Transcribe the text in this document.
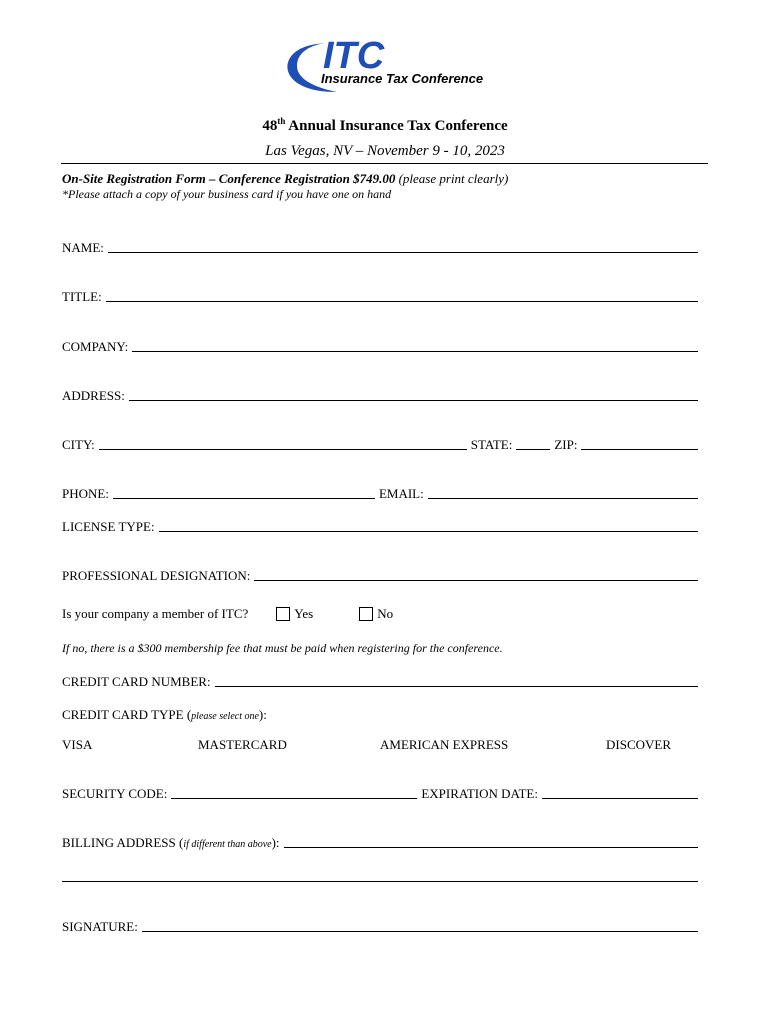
ITC
Insurance Tax Conference
48th Annual Insurance Tax Conference
Las Vegas, NV – November 9 - 10, 2023
On-Site Registration Form – Conference Registration $749.00 (please print clearly)
*Please attach a copy of your business card if you have one on hand
NAME:
TITLE:
COMPANY:
ADDRESS:
CITY:	STATE:	ZIP:
PHONE:	EMAIL:
LICENSE TYPE:
PROFESSIONAL DESIGNATION:
Is your company a member of ITC?	Yes	No
If no, there is a $300 membership fee that must be paid when registering for the conference.
CREDIT CARD NUMBER:
CREDIT CARD TYPE (please select one):
VISA	MASTERCARD	AMERICAN EXPRESS	DISCOVER
SECURITY CODE:	EXPIRATION DATE:
BILLING ADDRESS (if different than above):
SIGNATURE:
